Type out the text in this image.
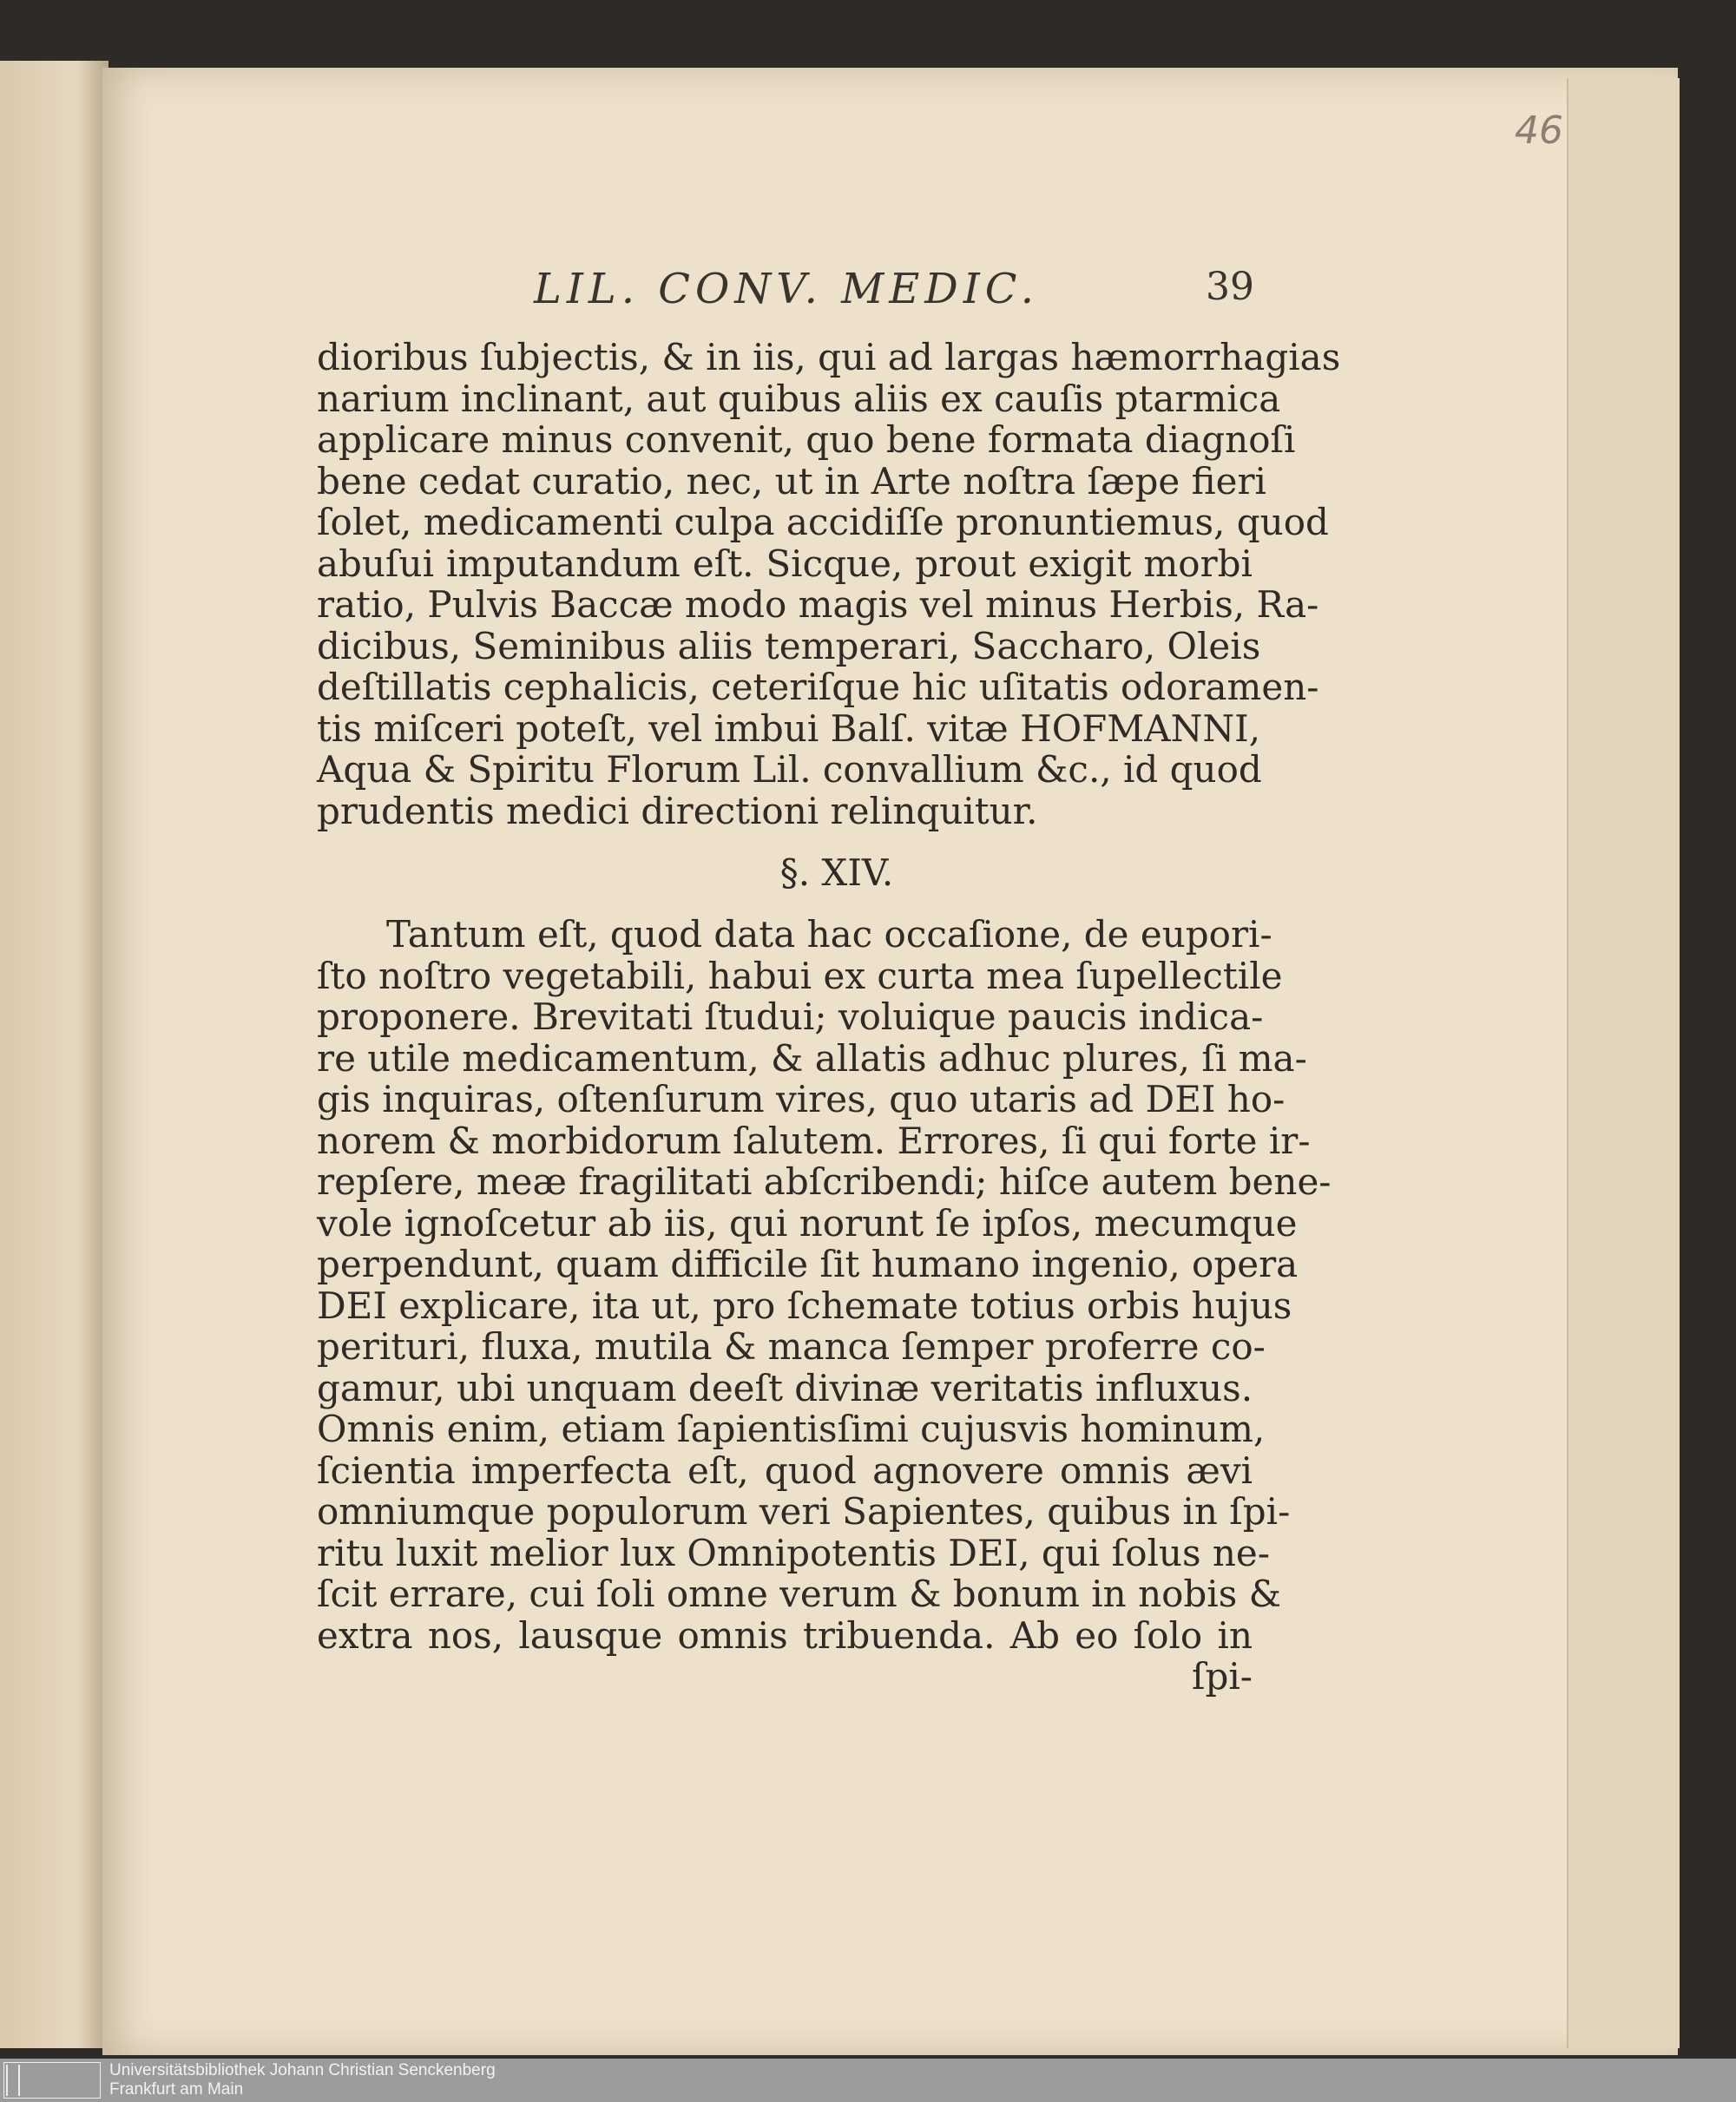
46
LIL. CONV. MEDIC.	39
dioribus ſubjectis, & in iis, qui ad largas hæmorrhagias
narium inclinant, aut quibus aliis ex cauſis ptarmica
applicare minus convenit, quo bene formata diagnoſi
bene cedat curatio, nec, ut in Arte noſtra ſæpe fieri
ſolet, medicamenti culpa accidiſſe pronuntiemus, quod
abuſui imputandum eſt. Sicque, prout exigit morbi
ratio, Pulvis Baccæ modo magis vel minus Herbis, Ra-
dicibus, Seminibus aliis temperari, Saccharo, Oleis
deſtillatis cephalicis, ceteriſque hic uſitatis odoramen-
tis miſceri poteſt, vel imbui Balſ. vitæ HOFMANNI,
Aqua & Spiritu Florum Lil. convallium &c., id quod
prudentis medici directioni relinquitur.
§. XIV.
Tantum eſt, quod data hac occaſione, de eupori-
ſto noſtro vegetabili, habui ex curta mea ſupellectile
proponere. Brevitati ſtudui; voluique paucis indica-
re utile medicamentum, & allatis adhuc plures, ſi ma-
gis inquiras, oſtenſurum vires, quo utaris ad DEI ho-
norem & morbidorum ſalutem. Errores, ſi qui forte ir-
repſere, meæ fragilitati abſcribendi; hiſce autem bene-
vole ignoſcetur ab iis, qui norunt ſe ipſos, mecumque
perpendunt, quam difficile ſit humano ingenio, opera
DEI explicare, ita ut, pro ſchemate totius orbis hujus
perituri, fluxa, mutila & manca ſemper proferre co-
gamur, ubi unquam deeſt divinæ veritatis influxus.
Omnis enim, etiam ſapientisſimi cujusvis hominum,
ſcientia imperfecta eſt, quod agnovere omnis ævi
omniumque populorum veri Sapientes, quibus in ſpi-
ritu luxit melior lux Omnipotentis DEI, qui ſolus ne-
ſcit errare, cui ſoli omne verum & bonum in nobis &
extra nos, lausque omnis tribuenda. Ab eo ſolo in
ſpi-
Universitätsbibliothek Johann Christian Senckenberg
Frankfurt am Main
